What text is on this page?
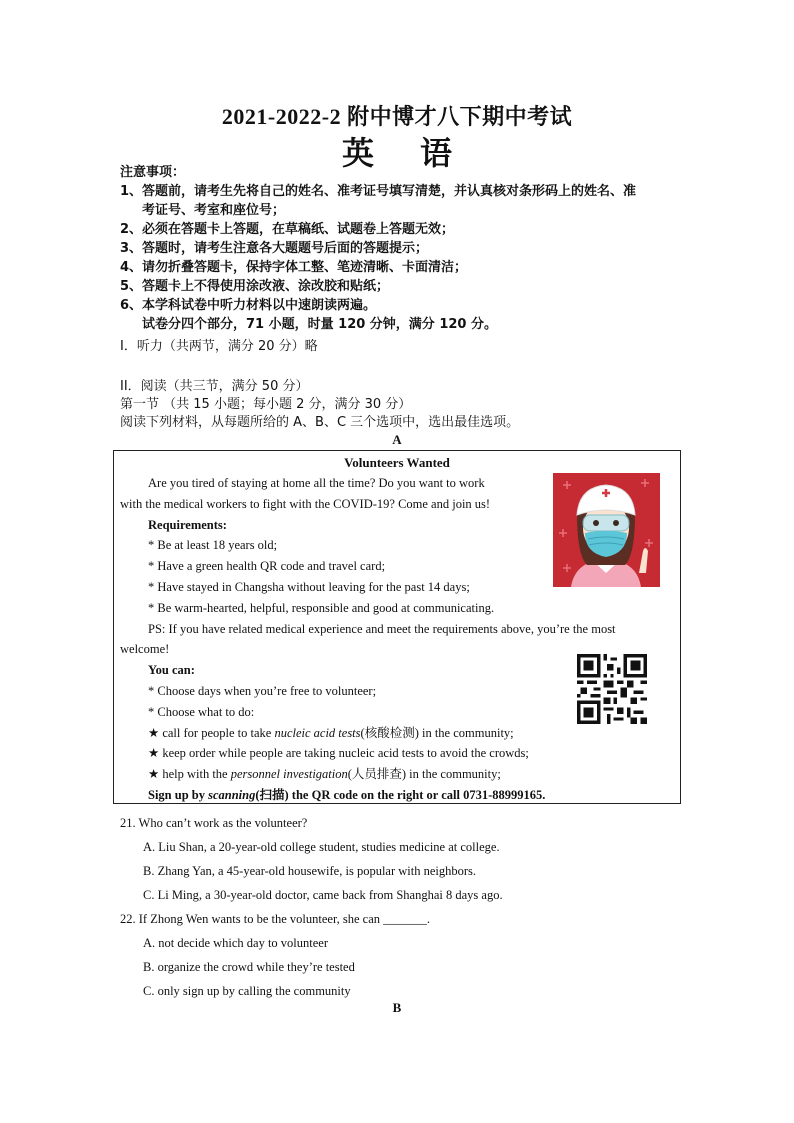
2021-2022-2 附中博才八下期中考试
英语
注意事项：
1、答题前，请考生先将自己的姓名、准考证号填写清楚，并认真核对条形码上的姓名、准
考证号、考室和座位号；
2、必须在答题卡上答题，在草稿纸、试题卷上答题无效；
3、答题时，请考生注意各大题题号后面的答题提示；
4、请勿折叠答题卡，保持字体工整、笔迹清晰、卡面清洁；
5、答题卡上不得使用涂改液、涂改胶和贴纸；
6、本学科试卷中听力材料以中速朗读两遍。
试卷分四个部分，71 小题，时量 120 分钟，满分 120 分。
I．听力（共两节，满分 20 分）略
II．阅读（共三节，满分 50 分）
第一节 （共 15 小题；每小题 2 分，满分 30 分）
阅读下列材料，从每题所给的 A、B、C 三个选项中，选出最佳选项。
A
Volunteers Wanted
Are you tired of staying at home all the time? Do you want to work
with the medical workers to fight with the COVID-19? Come and join us!
Requirements:
* Be at least 18 years old;
* Have a green health QR code and travel card;
* Have stayed in Changsha without leaving for the past 14 days;
* Be warm-hearted, helpful, responsible and good at communicating.
PS: If you have related medical experience and meet the requirements above, you’re the most
welcome!
You can:
* Choose days when you’re free to volunteer;
* Choose what to do:
★ call for people to take nucleic acid tests(核酸检测) in the community;
★ keep order while people are taking nucleic acid tests to avoid the crowds;
★ help with the personnel investigation(人员排查) in the community;
Sign up by scanning(扫描) the QR code on the right or call 0731-88999165.
21. Who can’t work as the volunteer?
A. Liu Shan, a 20-year-old college student, studies medicine at college.
B. Zhang Yan, a 45-year-old housewife, is popular with neighbors.
C. Li Ming, a 30-year-old doctor, came back from Shanghai 8 days ago.
22. If Zhong Wen wants to be the volunteer, she can _______.
A. not decide which day to volunteer
B. organize the crowd while they’re tested
C. only sign up by calling the community
B
